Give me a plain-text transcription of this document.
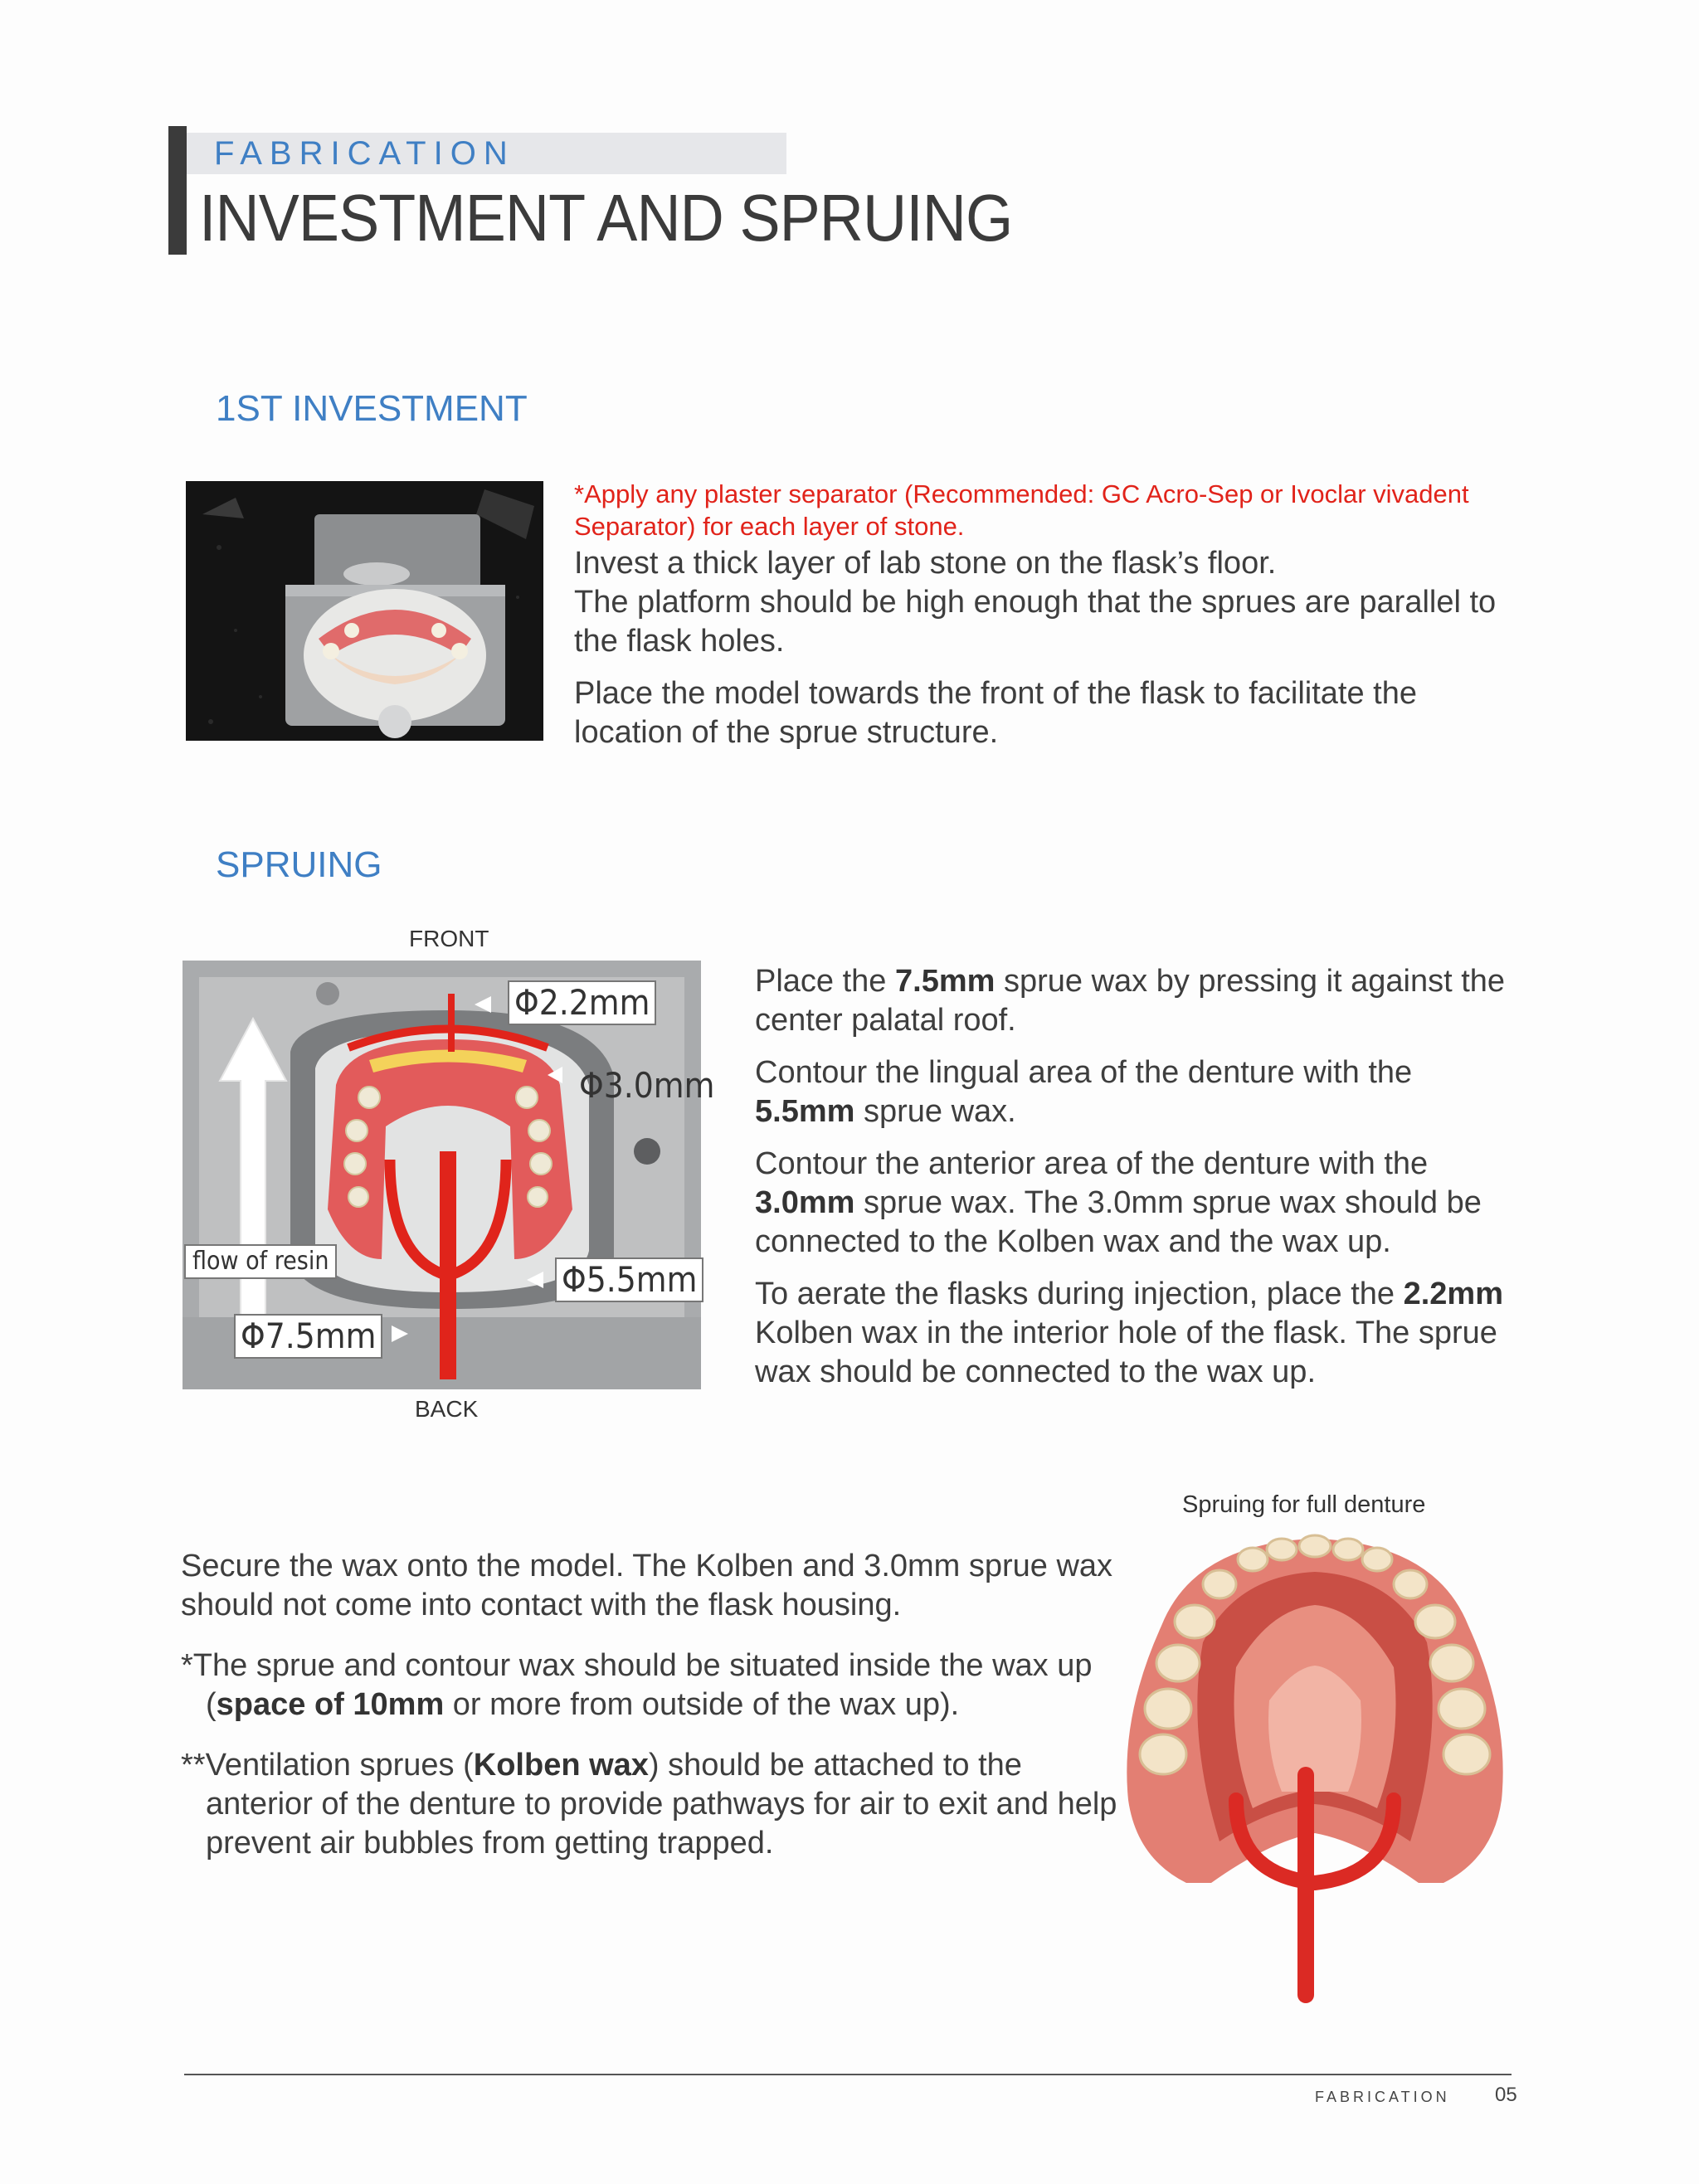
FABRICATION
INVESTMENT AND SPRUING
1ST INVESTMENT
*Apply any plaster separator (Recommended: GC Acro-Sep or Ivoclar vivadent Separator) for each layer of stone.
Invest a thick layer of lab stone on the flask’s floor.

The platform should be high enough that the sprues are parallel to the flask holes.

Place the model towards the front of the flask to facilitate the location of the sprue structure.

SPRUING
FRONT
BACK
Φ2.2mm
Φ3.0mm
Φ5.5mm
Φ7.5mm
flow of resin

Place the 7.5mm sprue wax by pressing it against the center palatal roof.

Contour the lingual area of the denture with the 5.5mm sprue wax.

Contour the anterior area of the denture with the 3.0mm sprue wax. The 3.0mm sprue wax should be connected to the Kolben wax and the wax up.

To aerate the flasks during injection, place the 2.2mm Kolben wax in the interior hole of the flask. The sprue wax should be connected to the wax up.

Secure the wax onto the model. The Kolben and 3.0mm sprue wax should not come into contact with the flask housing.

*The sprue and contour wax should be situated inside the wax up (space of 10mm or more from outside of the wax up).

**Ventilation sprues (Kolben wax) should be attached to the anterior of the denture to provide pathways for air to exit and help prevent air bubbles from getting trapped.

Spruing for full denture
FABRICATION 05
